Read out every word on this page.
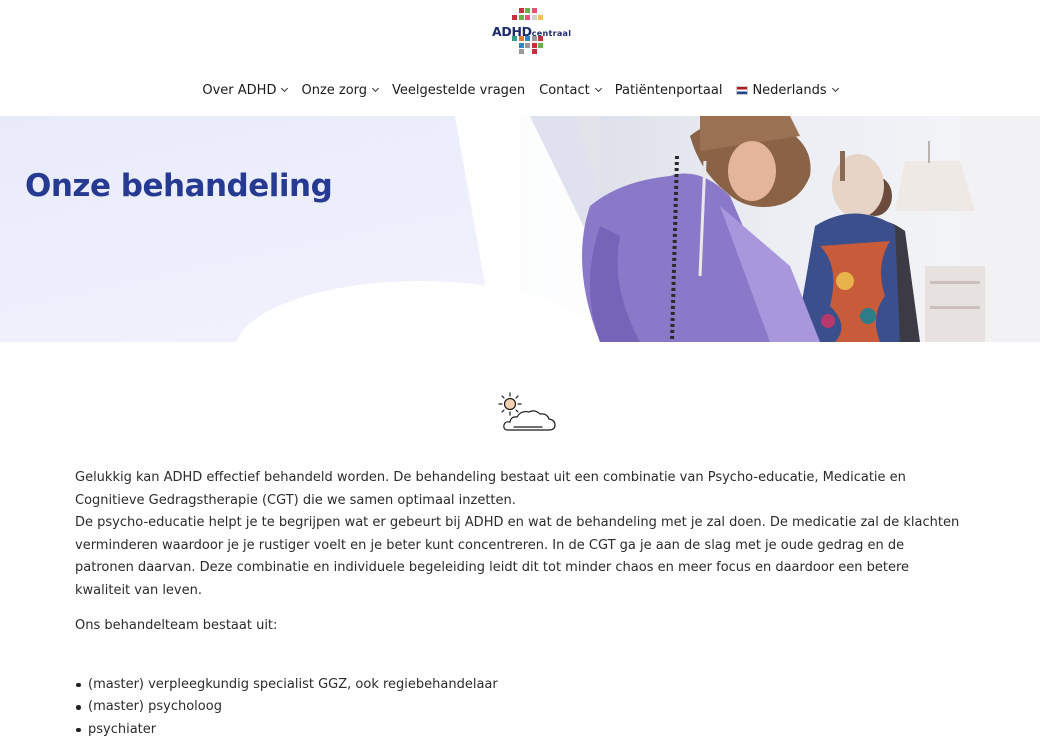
ADHDcentraal
Over ADHD Onze zorg Veelgestelde vragen Contact Patiëntenportaal Nederlands
Onze behandeling

Gelukkig kan ADHD effectief behandeld worden. De behandeling bestaat uit een combinatie van Psycho-educatie, Medicatie en Cognitieve Gedragstherapie (CGT) die we samen optimaal inzetten.

De psycho-educatie helpt je te begrijpen wat er gebeurt bij ADHD en wat de behandeling met je zal doen. De medicatie zal de klachten verminderen waardoor je je rustiger voelt en je beter kunt concentreren. In de CGT ga je aan de slag met je oude gedrag en de patronen daarvan. Deze combinatie en individuele begeleiding leidt dit tot minder chaos en meer focus en daardoor een betere kwaliteit van leven.

Ons behandelteam bestaat uit:

(master) verpleegkundig specialist GGZ, ook regiebehandelaar
(master) psycholoog
psychiater
